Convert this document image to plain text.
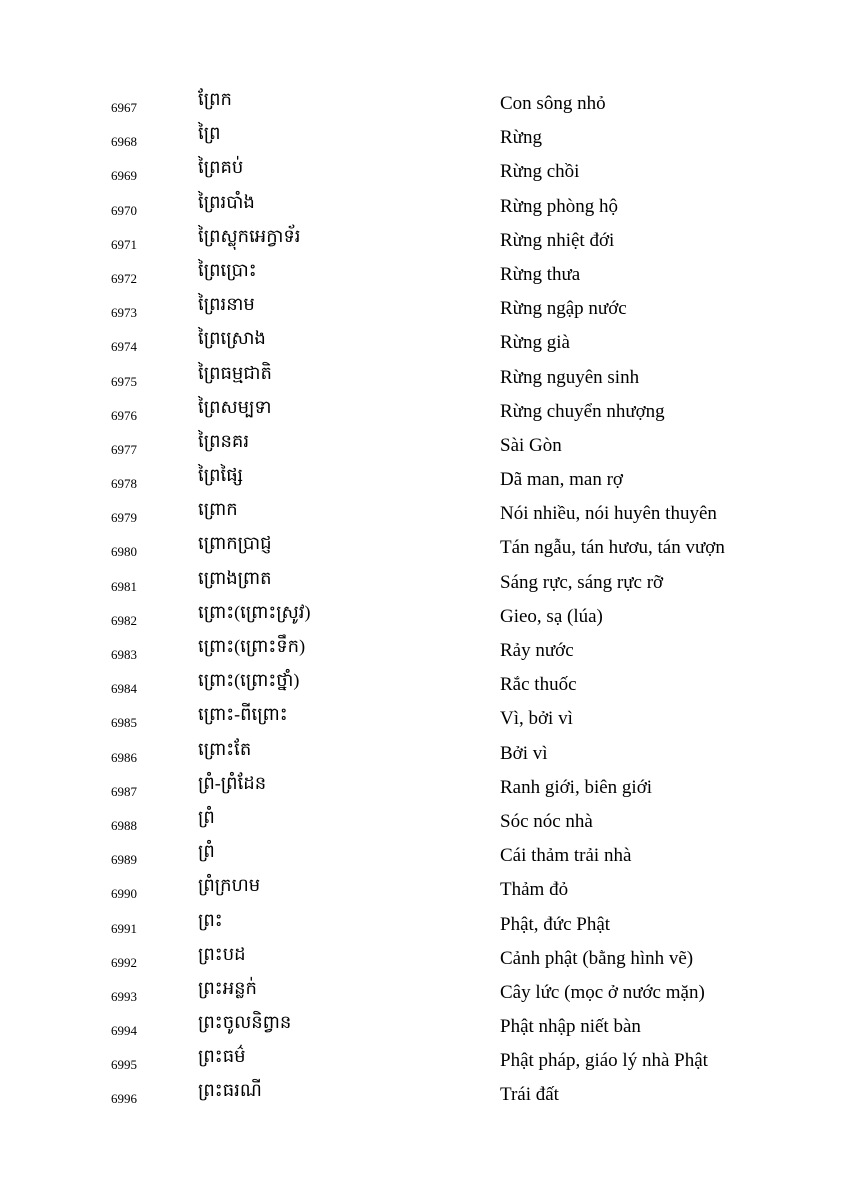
6967	ព្រែក	Con sông nhỏ
6968	ព្រៃ	Rừng
6969	ព្រៃគប់	Rừng chồi
6970	ព្រៃរបាំង	Rừng phòng hộ
6971	ព្រៃស្លុកអេក្វាទ័រ	Rừng nhiệt đới
6972	ព្រៃប្រោះ	Rừng thưa
6973	ព្រៃរនាម	Rừng ngập nước
6974	ព្រៃស្រោង	Rừng già
6975	ព្រៃធម្មជាតិ	Rừng nguyên sinh
6976	ព្រៃសម្បទា	Rừng chuyển nhượng
6977	ព្រៃនគរ	Sài Gòn
6978	ព្រៃផ្សៃ	Dã man, man rợ
6979	ព្រោក	Nói nhiều, nói huyên thuyên
6980	ព្រោកប្រាជ្ញ	Tán ngẫu, tán hươu, tán vượn
6981	ព្រោងព្រាត	Sáng rực, sáng rực rỡ
6982	ព្រោះ(ព្រោះស្រូវ)	Gieo, sạ (lúa)
6983	ព្រោះ(ព្រោះទឹក)	Rảy nước
6984	ព្រោះ(ព្រោះថ្នាំ)	Rắc thuốc
6985	ព្រោះ-ពីព្រោះ	Vì, bởi vì
6986	ព្រោះតែ	Bởi vì
6987	ព្រំ-ព្រំដែន	Ranh giới, biên giới
6988	ព្រំ	Sóc nóc nhà
6989	ព្រំ	Cái thảm trải nhà
6990	ព្រំក្រហម	Thảm đỏ
6991	ព្រះ	Phật, đức Phật
6992	ព្រះបដ	Cảnh phật (bằng hình vẽ)
6993	ព្រះអន្លក់	Cây lức (mọc ở nước mặn)
6994	ព្រះចូលនិព្វាន	Phật nhập niết bàn
6995	ព្រះធម៌	Phật pháp, giáo lý nhà Phật
6996	ព្រះធរណី	Trái đất
